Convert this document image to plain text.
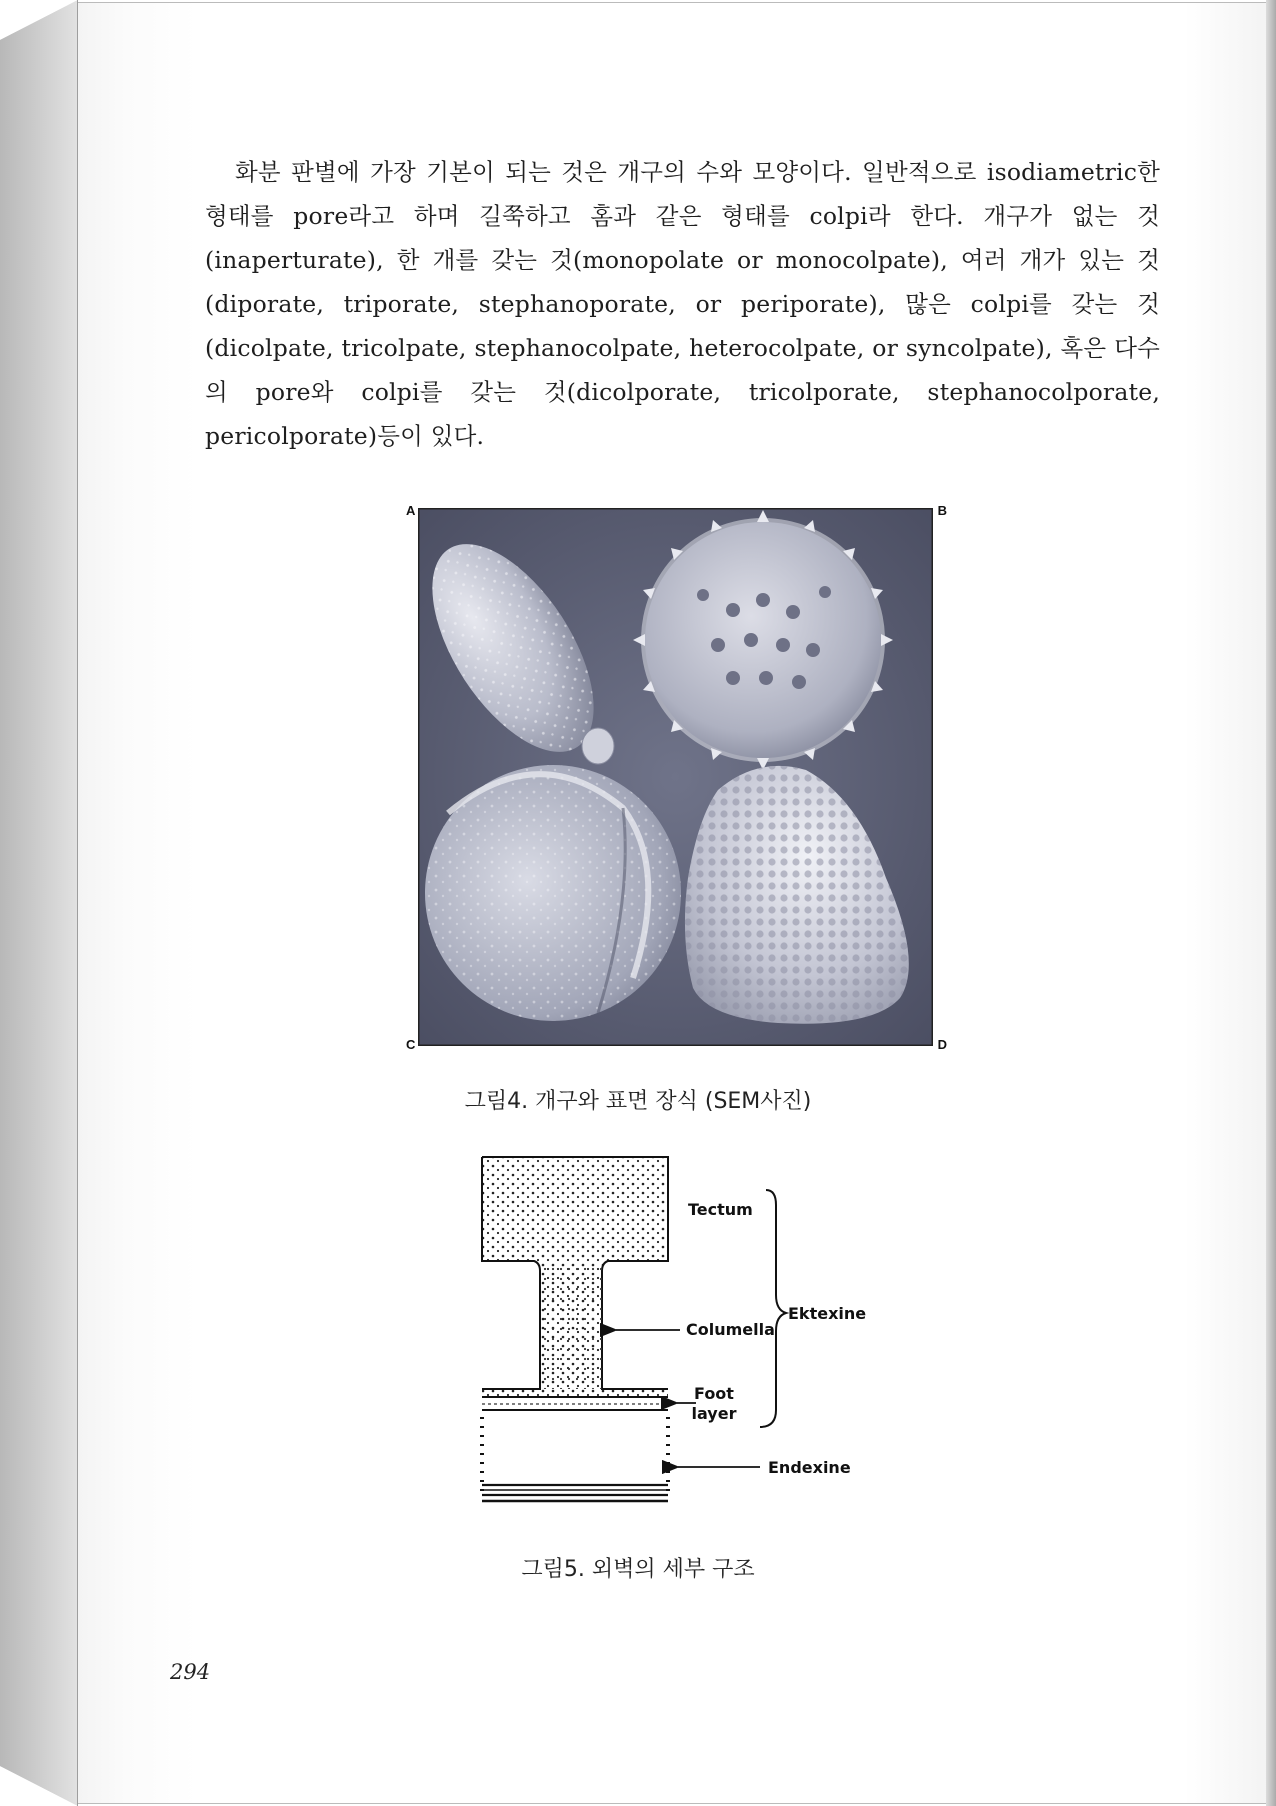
화분 판별에 가장 기본이 되는 것은 개구의 수와 모양이다. 일반적으로 isodiametric한 형태를 pore라고 하며 길쭉하고 홈과 같은 형태를 colpi라 한다. 개구가 없는 것(inaperturate), 한 개를 갖는 것(monopolate or monocolpate), 여러 개가 있는 것(diporate, triporate, stephanoporate, or periporate), 많은 colpi를 갖는 것(dicolpate, tricolpate, stephanocolpate, heterocolpate, or syncolpate), 혹은 다수의 pore와 colpi를 갖는 것(dicolporate, tricolporate, stephanocolporate, pericolporate)등이 있다.

A	B
C	D

그림4. 개구와 표면 장식 (SEM사진)

Tectum
Columella
Foot
layer
Endexine
Ektexine

그림5. 외벽의 세부 구조

294
